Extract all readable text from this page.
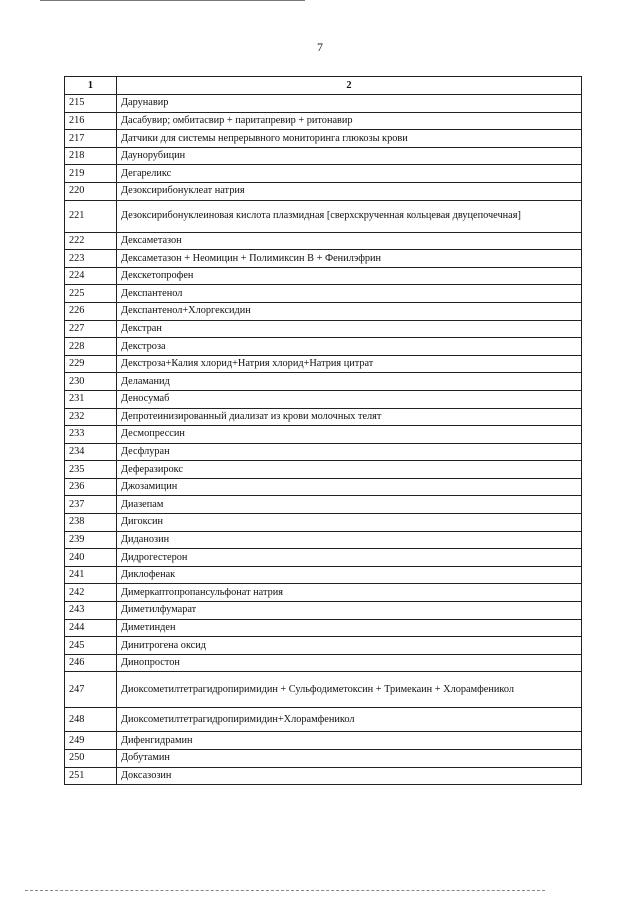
7
1	2
215	Дарунавир
216	Дасабувир; омбитасвир + паритапревир + ритонавир
217	Датчики для системы непрерывного мониторинга глюкозы крови
218	Даунорубицин
219	Дегареликс
220	Дезоксирибонуклеат натрия
221	Дезоксирибонуклеиновая кислота плазмидная [сверхскрученная кольцевая двуцепочечная]
222	Дексаметазон
223	Дексаметазон + Неомицин + Полимиксин В + Фенилэфрин
224	Декскетопрофен
225	Декспантенол
226	Декспантенол+Хлоргексидин
227	Декстран
228	Декстроза
229	Декстроза+Калия хлорид+Натрия хлорид+Натрия цитрат
230	Деламанид
231	Деносумаб
232	Депротеинизированный диализат из крови молочных телят
233	Десмопрессин
234	Десфлуран
235	Деферазирокс
236	Джозамицин
237	Диазепам
238	Дигоксин
239	Диданозин
240	Дидрогестерон
241	Диклофенак
242	Димеркаптопропансульфонат натрия
243	Диметилфумарат
244	Диметинден
245	Динитрогена оксид
246	Динопростон
247	Диоксометилтетрагидропиримидин + Сульфодиметоксин + Тримекаин + Хлорамфеникол
248	Диоксометилтетрагидропиримидин+Хлорамфеникол
249	Дифенгидрамин
250	Добутамин
251	Доксазозин
